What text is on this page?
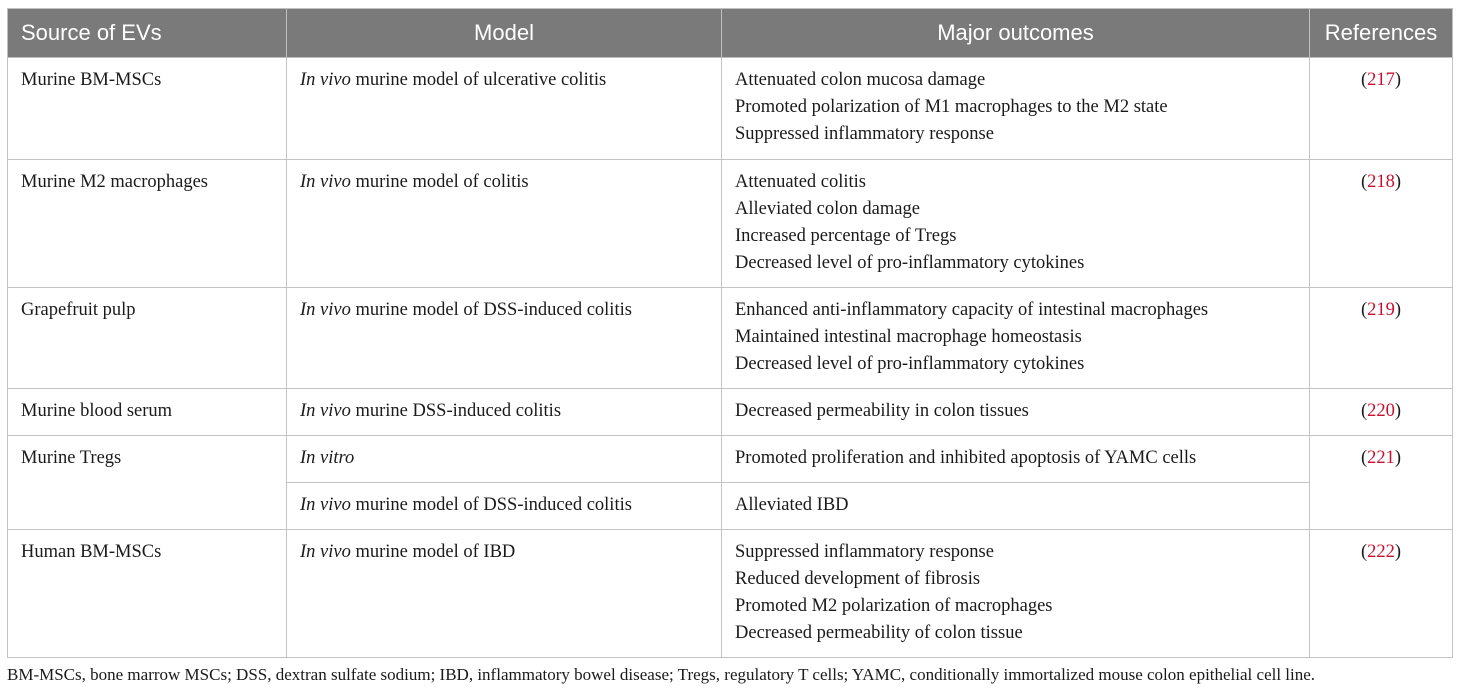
Source of EVs	Model	Major outcomes	References
Murine BM-MSCs	In vivo murine model of ulcerative colitis	Attenuated colon mucosa damage
Promoted polarization of M1 macrophages to the M2 state
Suppressed inflammatory response	(217)
Murine M2 macrophages	In vivo murine model of colitis	Attenuated colitis
Alleviated colon damage
Increased percentage of Tregs
Decreased level of pro-inflammatory cytokines	(218)
Grapefruit pulp	In vivo murine model of DSS-induced colitis	Enhanced anti-inflammatory capacity of intestinal macrophages
Maintained intestinal macrophage homeostasis
Decreased level of pro-inflammatory cytokines	(219)
Murine blood serum	In vivo murine DSS-induced colitis	Decreased permeability in colon tissues	(220)
Murine Tregs	In vitro	Promoted proliferation and inhibited apoptosis of YAMC cells	(221)
	In vivo murine model of DSS-induced colitis	Alleviated IBD	

Human BM-MSCs	In vivo murine model of IBD	Suppressed inflammatory response
Reduced development of fibrosis
Promoted M2 polarization of macrophages
Decreased permeability of colon tissue	(222)

BM-MSCs, bone marrow MSCs; DSS, dextran sulfate sodium; IBD, inflammatory bowel disease; Tregs, regulatory T cells; YAMC, conditionally immortalized mouse colon epithelial cell line.
